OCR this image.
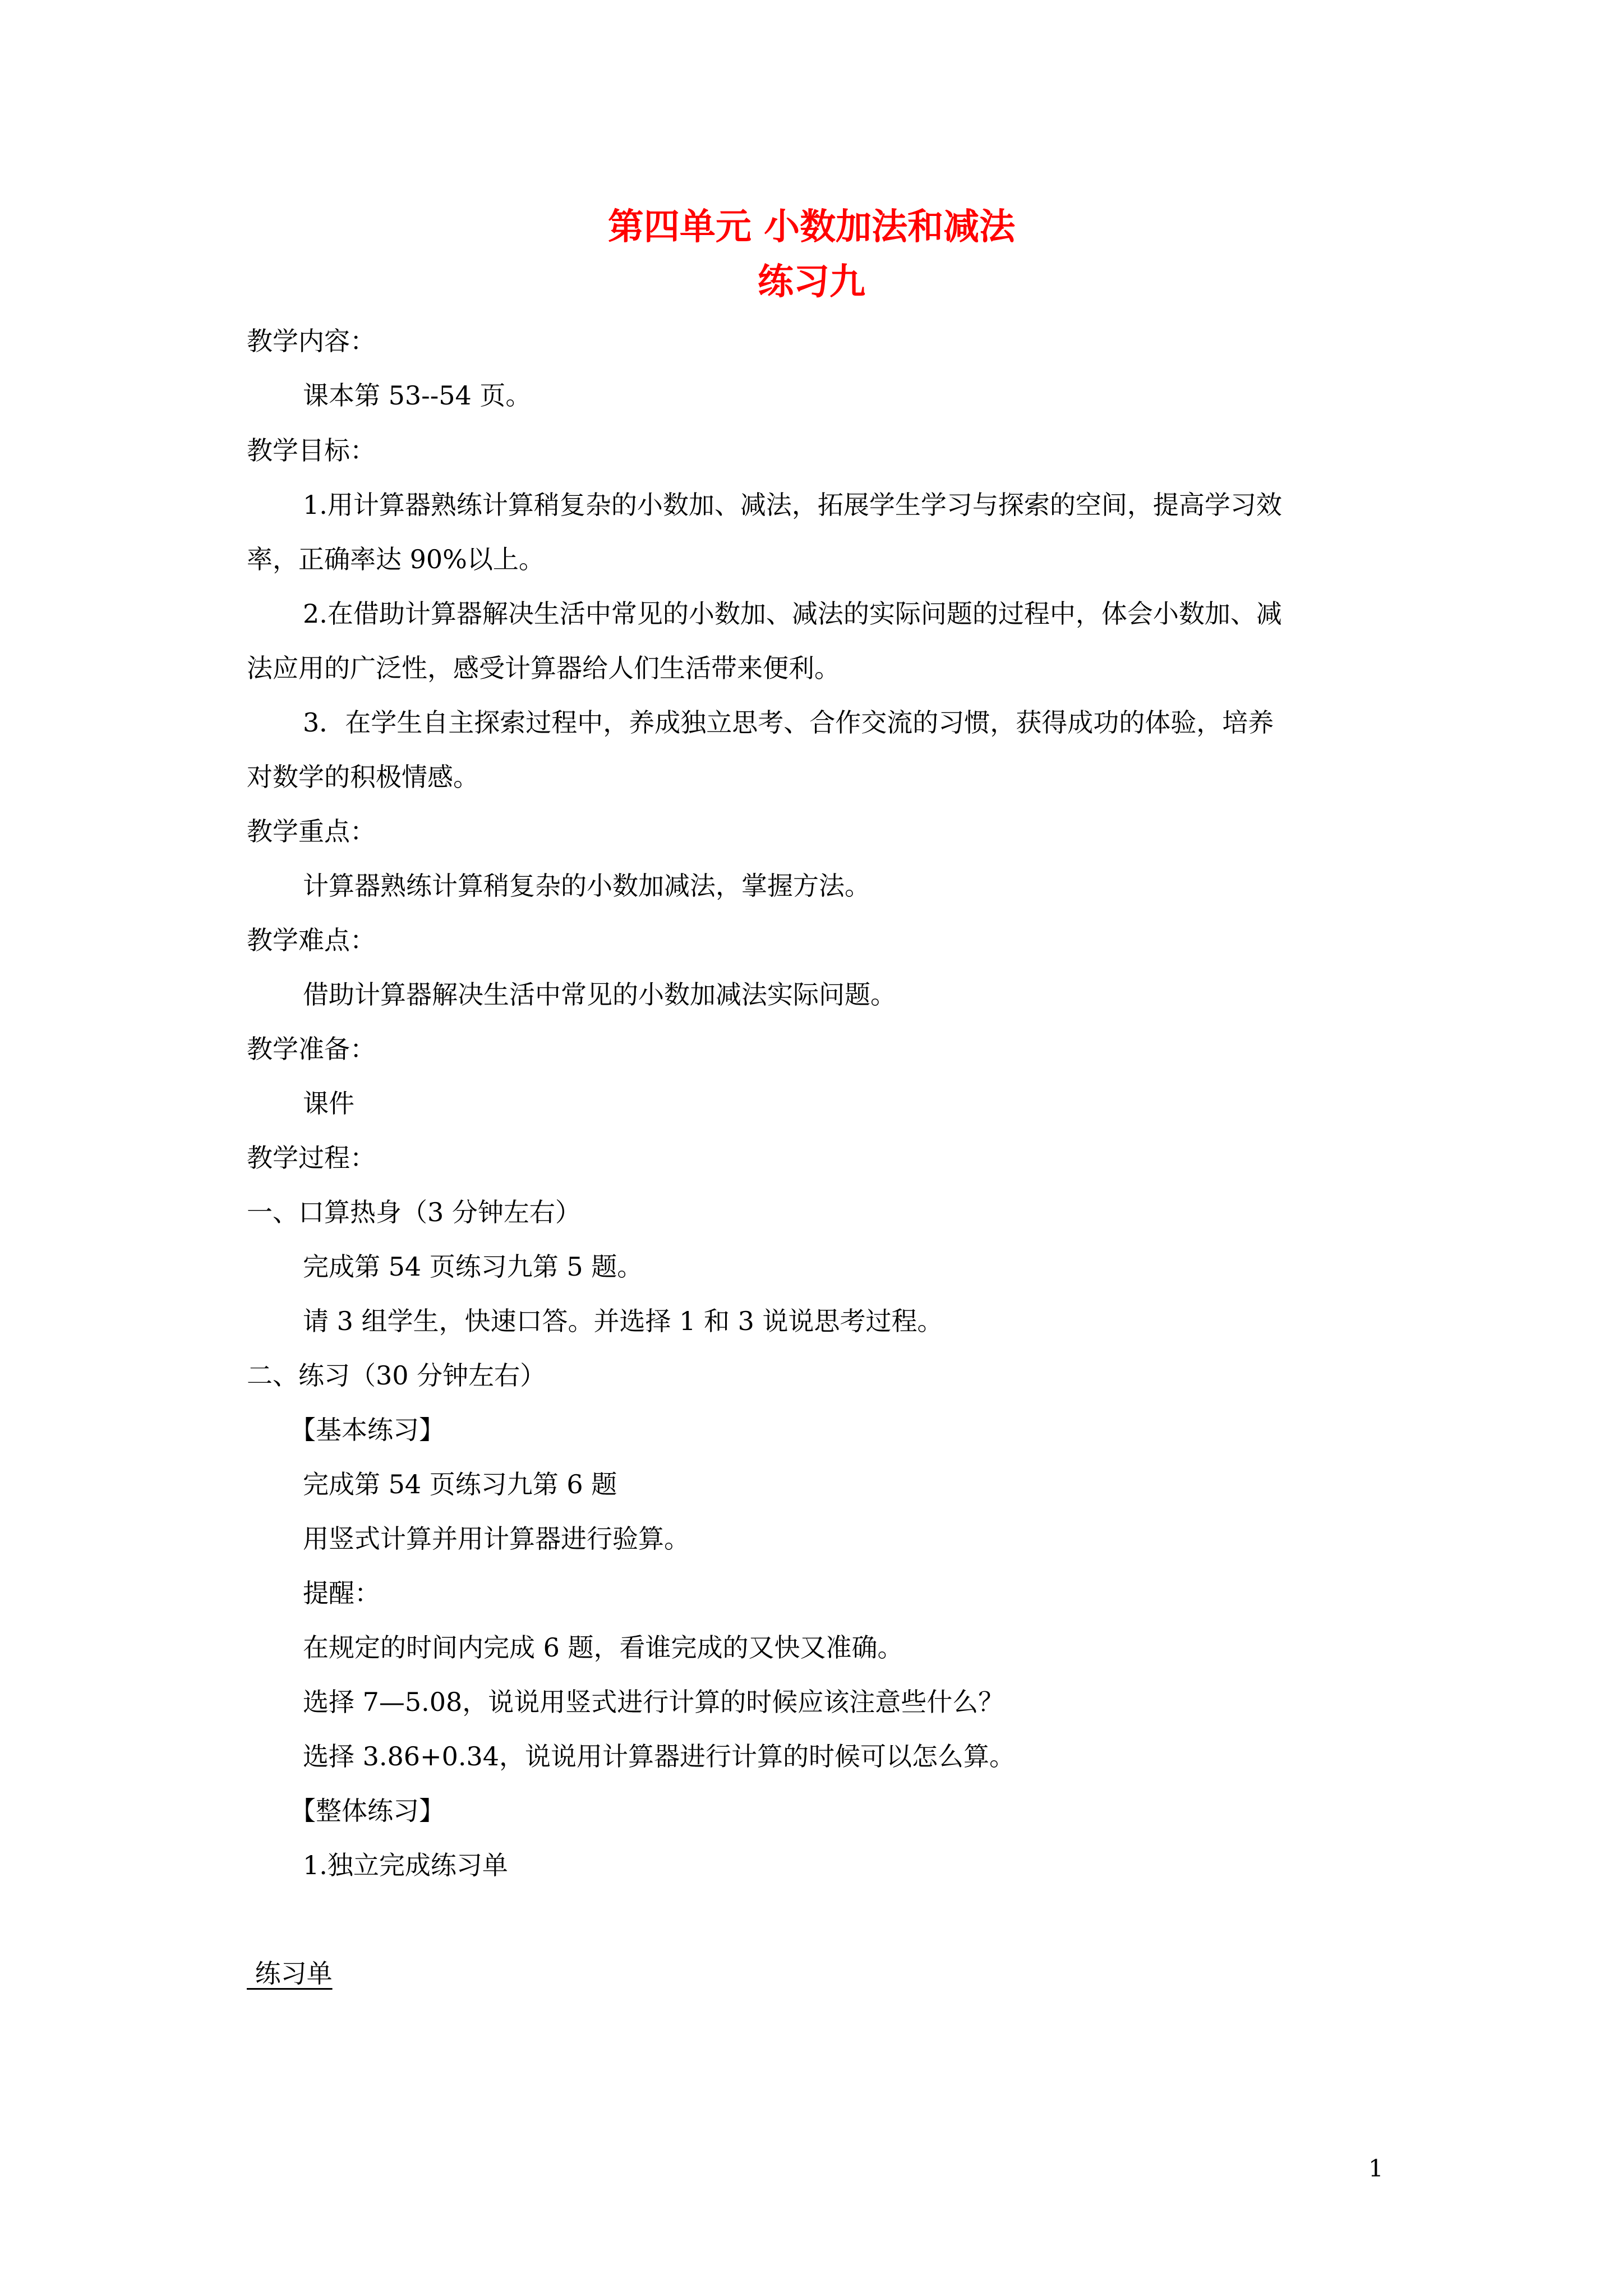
第四单元 小数加法和减法
练习九
教学内容：
课本第 53--54 页。
教学目标：
1.用计算器熟练计算稍复杂的小数加、减法，拓展学生学习与探索的空间，提高学习效
率，正确率达 90%以上。
2.在借助计算器解决生活中常见的小数加、减法的实际问题的过程中，体会小数加、减
法应用的广泛性，感受计算器给人们生活带来便利。
3．在学生自主探索过程中，养成独立思考、合作交流的习惯，获得成功的体验，培养
对数学的积极情感。
教学重点：
计算器熟练计算稍复杂的小数加减法，掌握方法。
教学难点：
借助计算器解决生活中常见的小数加减法实际问题。
教学准备：
课件
教学过程：
一、口算热身（3 分钟左右）
完成第 54 页练习九第 5 题。
请 3 组学生，快速口答。并选择 1 和 3 说说思考过程。
二、练习（30 分钟左右）
【基本练习】
完成第 54 页练习九第 6 题
用竖式计算并用计算器进行验算。
提醒：
在规定的时间内完成 6 题，看谁完成的又快又准确。
选择 7—5.08，说说用竖式进行计算的时候应该注意些什么？
选择 3.86+0.34，说说用计算器进行计算的时候可以怎么算。
【整体练习】
1.独立完成练习单
练习单
1
